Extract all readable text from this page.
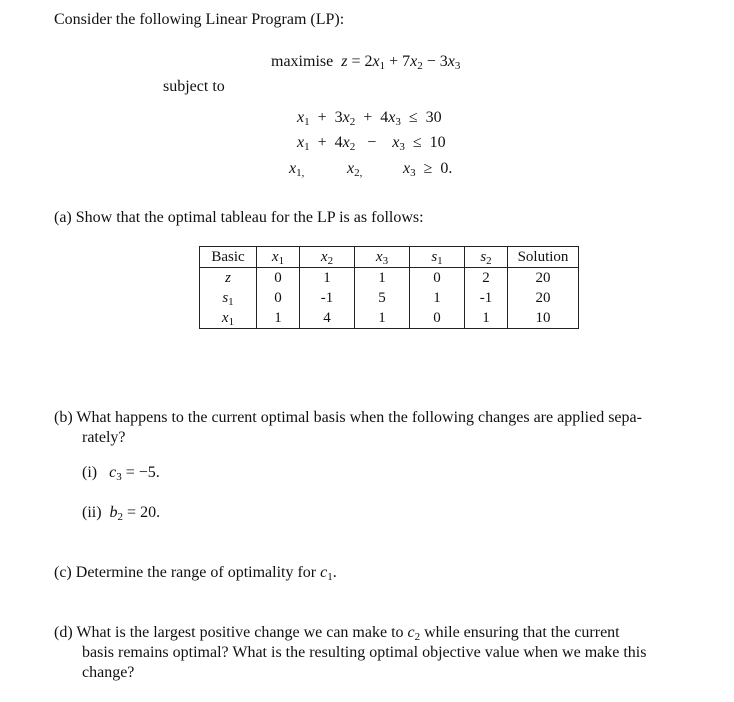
Consider the following Linear Program (LP):
maximise $z = 2x_1 + 7x_2 - 3x_3$
subject to
$x_1 + 3x_2 + 4x_3 \le 30$
$x_1 + 4x_2 - x_3 \le 10$
$x_{1,}$	$x_{2,}$	$x_3 \ge 0$.
(a) Show that the optimal tableau for the LP is as follows:
Basic	$x_1$	$x_2$	$x_3$	$s_1$	$s_2$	Solution
z	0	1	1	0	2	20
$s_1$	0	-1	5	1	-1	20
$x_1$	1	4	1	0	1	10
(b) What happens to the current optimal basis when the following changes are applied sepa-
rately?
(i) $c_3 = -5$.
(ii) $b_2 = 20$.
(c) Determine the range of optimality for $c_1$.
(d) What is the largest positive change we can make to $c_2$ while ensuring that the current
basis remains optimal? What is the resulting optimal objective value when we make this
change?
